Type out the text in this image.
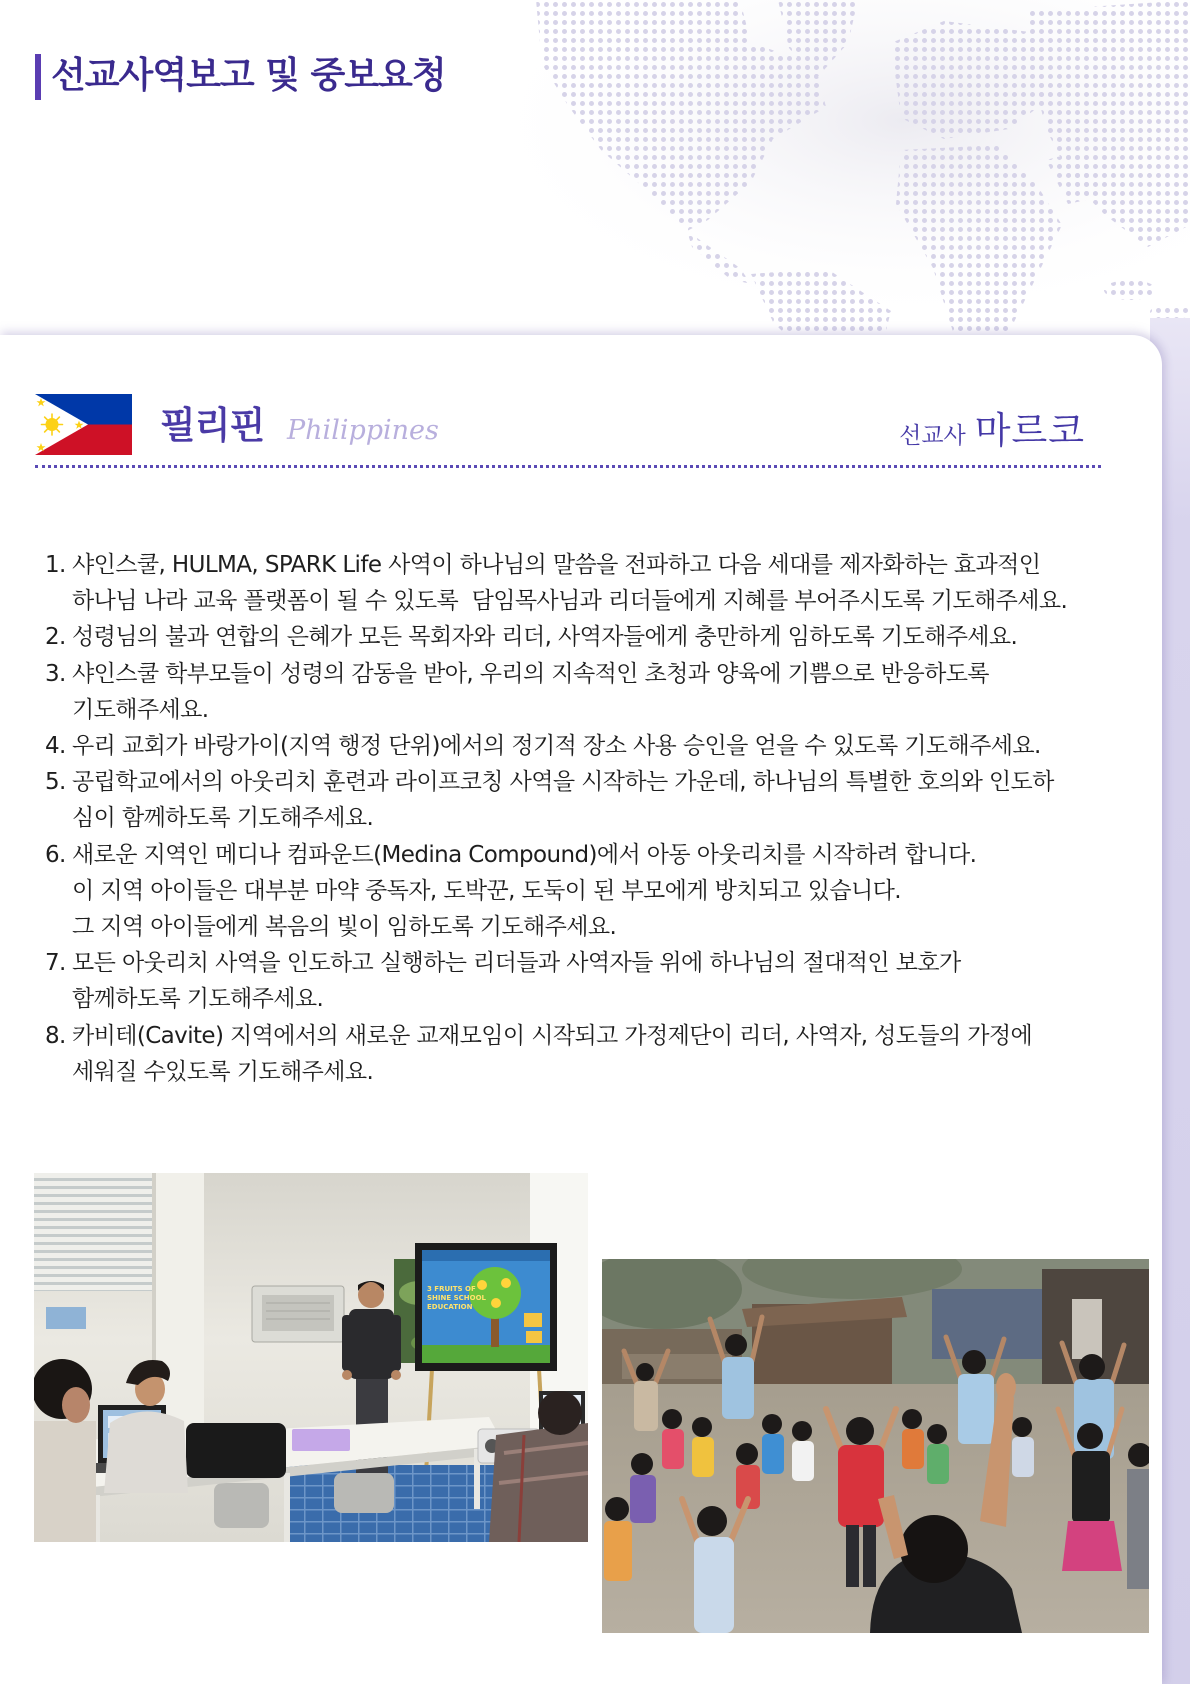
선교사역보고 및 중보요청
필리핀 Philippines	선교사 마르코
1. 샤인스쿨, HULMA, SPARK Life 사역이 하나님의 말씀을 전파하고 다음 세대를 제자화하는 효과적인
하나님 나라 교육 플랫폼이 될 수 있도록  담임목사님과 리더들에게 지혜를 부어주시도록 기도해주세요.
2. 성령님의 불과 연합의 은혜가 모든 목회자와 리더, 사역자들에게 충만하게 임하도록 기도해주세요.
3. 샤인스쿨 학부모들이 성령의 감동을 받아, 우리의 지속적인 초청과 양육에 기쁨으로 반응하도록
기도해주세요.
4. 우리 교회가 바랑가이(지역 행정 단위)에서의 정기적 장소 사용 승인을 얻을 수 있도록 기도해주세요.
5. 공립학교에서의 아웃리치 훈련과 라이프코칭 사역을 시작하는 가운데, 하나님의 특별한 호의와 인도하
심이 함께하도록 기도해주세요.
6. 새로운 지역인 메디나 컴파운드(Medina Compound)에서 아동 아웃리치를 시작하려 합니다.
이 지역 아이들은 대부분 마약 중독자, 도박꾼, 도둑이 된 부모에게 방치되고 있습니다.
그 지역 아이들에게 복음의 빛이 임하도록 기도해주세요.
7. 모든 아웃리치 사역을 인도하고 실행하는 리더들과 사역자들 위에 하나님의 절대적인 보호가
함께하도록 기도해주세요.
8. 카비테(Cavite) 지역에서의 새로운 교재모임이 시작되고 가정제단이 리더, 사역자, 성도들의 가정에
세워질 수있도록 기도해주세요.
3 FRUITS OF
SHINE SCHOOL
EDUCATION
